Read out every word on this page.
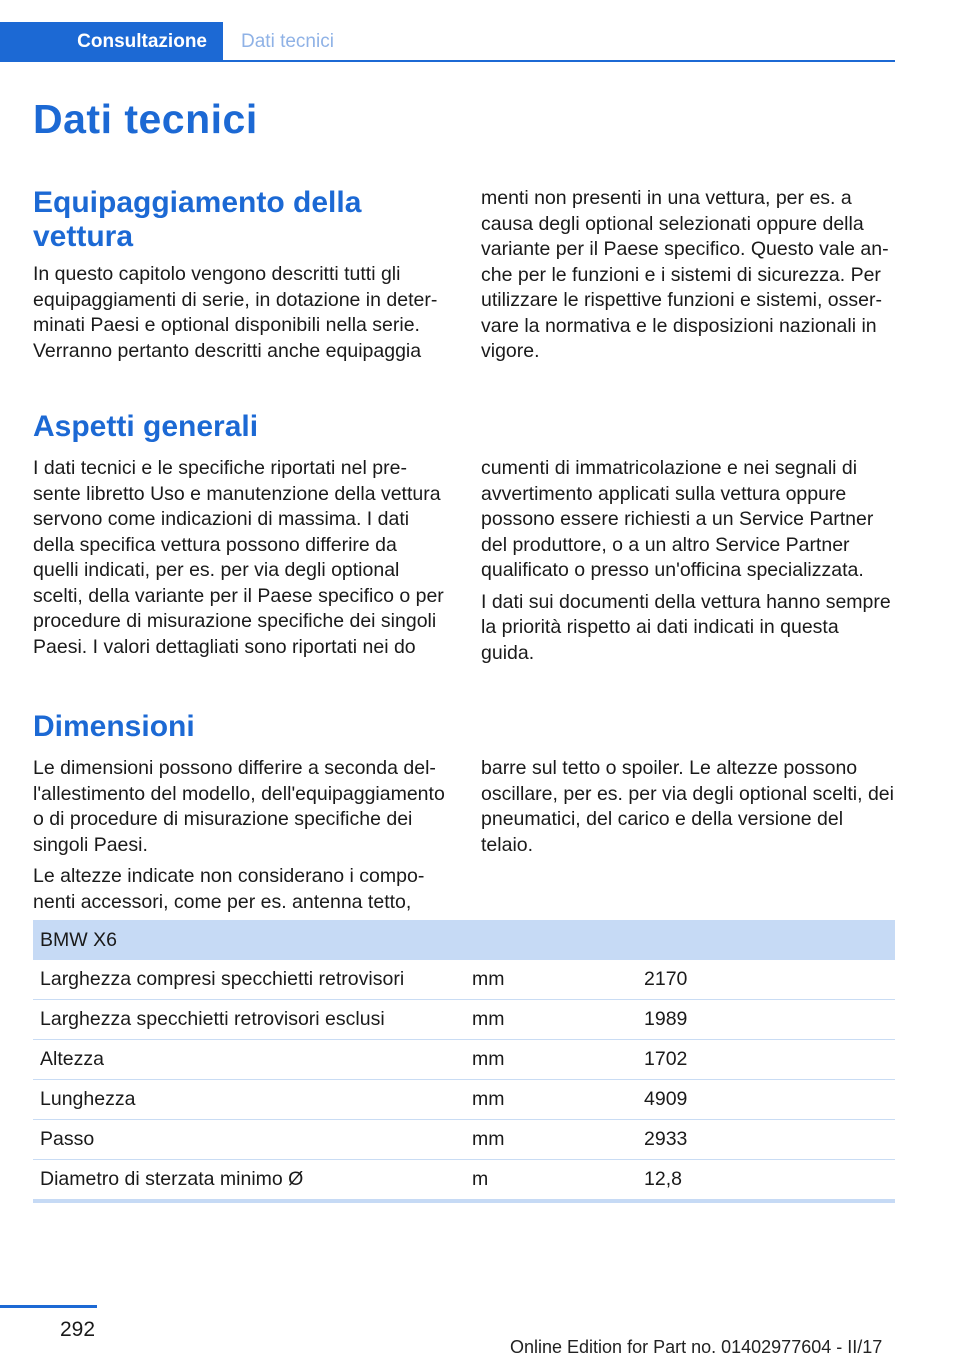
Consultazione	Dati tecnici
Dati tecnici
Equipaggiamento della vettura

In questo capitolo vengono descritti tutti gli equipaggiamenti di serie, in dotazione in determinati Paesi e optional disponibili nella serie. Verranno pertanto descritti anche equipaggia

menti non presenti in una vettura, per es. a causa degli optional selezionati oppure della variante per il Paese specifico. Questo vale anche per le funzioni e i sistemi di sicurezza. Per utilizzare le rispettive funzioni e sistemi, osservare la normativa e le disposizioni nazionali in vigore.

Aspetti generali

I dati tecnici e le specifiche riportati nel presente libretto Uso e manutenzione della vettura servono come indicazioni di massima. I dati della specifica vettura possono differire da quelli indicati, per es. per via degli optional scelti, della variante per il Paese specifico o per procedure di misurazione specifiche dei singoli Paesi. I valori dettagliati sono riportati nei do

cumenti di immatricolazione e nei segnali di avvertimento applicati sulla vettura oppure possono essere richiesti a un Service Partner del produttore, o a un altro Service Partner qualificato o presso un'officina specializzata.

I dati sui documenti della vettura hanno sempre la priorità rispetto ai dati indicati in questa guida.

Dimensioni

Le dimensioni possono differire a seconda dell'allestimento del modello, dell'equipaggiamento o di procedure di misurazione specifiche dei singoli Paesi.

Le altezze indicate non considerano i componenti accessori, come per es. antenna tetto,

barre sul tetto o spoiler. Le altezze possono oscillare, per es. per via degli optional scelti, dei pneumatici, del carico e della versione del telaio.

BMW X6		
Larghezza compresi specchietti retrovisori	mm	2170
Larghezza specchietti retrovisori esclusi	mm	1989
Altezza	mm	1702
Lunghezza	mm	4909
Passo	mm	2933
Diametro di sterzata minimo Ø	m	12,8
292
Online Edition for Part no. 01402977604 - II/17
